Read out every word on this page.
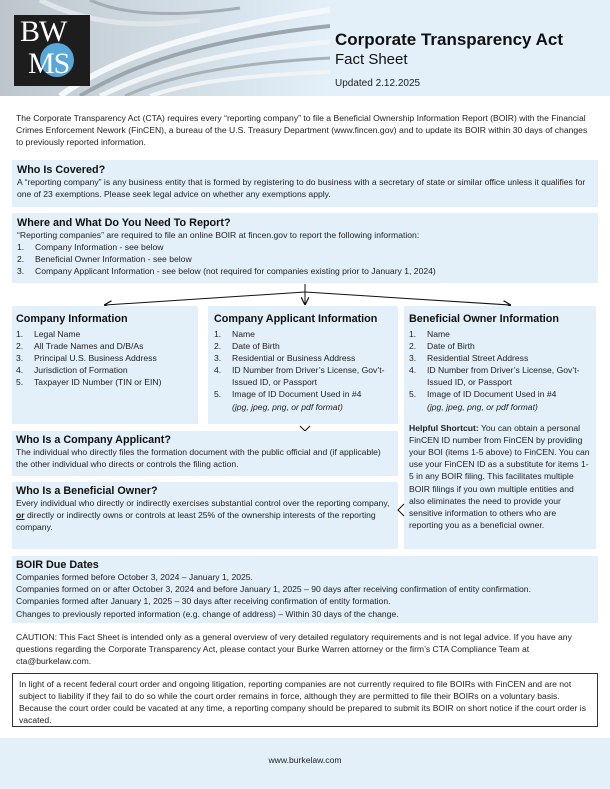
BW
MS
Corporate Transparency Act
Fact Sheet
Updated 2.12.2025

The Corporate Transparency Act (CTA) requires every “reporting company” to file a Beneficial Ownership Information Report (BOIR) with the Financial Crimes Enforcement Nework (FinCEN), a bureau of the U.S. Treasury Department (www.fincen.gov) and to update its BOIR within 30 days of changes to previously reported information.

Who Is Covered?

A “reporting company” is any business entity that is formed by registering to do business with a secretary of state or similar office unless it qualifies for one of 23 exemptions. Please seek legal advice on whether any exemptions apply.

Where and What Do You Need To Report?

“Reporting companies” are required to file an online BOIR at fincen.gov to report the following information:

1. Company Information - see below
2. Beneficial Owner Information - see below
3. Company Applicant Information - see below (not required for companies existing prior to January 1, 2024)
Company Information
1. Legal Name
2. All Trade Names and D/B/As
3. Principal U.S. Business Address
4. Jurisdiction of Formation
5. Taxpayer ID Number (TIN or EIN)
Company Applicant Information
1. Name
2. Date of Birth
3. Residential or Business Address
4. ID Number from Driver’s License, Gov’t-Issued ID, or Passport
5. Image of ID Document Used in #4
(jpg, jpeg, png, or pdf format)
Beneficial Owner Information
1. Name
2. Date of Birth
3. Residential Street Address
4. ID Number from Driver’s License, Gov’t-Issued ID, or Passport
5. Image of ID Document Used in #4
(jpg, jpeg, png, or pdf format)

Helpful Shortcut: You can obtain a personal FinCEN ID number from FinCEN by providing your BOI (items 1-5 above) to FinCEN. You can use your FinCEN ID as a substitute for items 1-5 in any BOIR filing. This facilitates multiple BOIR filings if you own multiple entities and also eliminates the need to provide your sensitive information to others who are reporting you as a beneficial owner.

Who Is a Company Applicant?

The individual who directly files the formation document with the public official and (if applicable) the other individual who directs or controls the filing action.

Who Is a Beneficial Owner?

Every individual who directly or indirectly exercises substantial control over the reporting company, or directly or indirectly owns or controls at least 25% of the ownership interests of the reporting company.

BOIR Due Dates

Companies formed before October 3, 2024 – January 1, 2025.

Companies formed on or after October 3, 2024 and before January 1, 2025 – 90 days after receiving confirmation of entity confirmation.

Companies formed after January 1, 2025 – 30 days after receiving confirmation of entity formation.

Changes to previously reported information (e.g. change of address) – Within 30 days of the change.

CAUTION: This Fact Sheet is intended only as a general overview of very detailed regulatory requirements and is not legal advice. If you have any questions regarding the Corporate Transparency Act, please contact your Burke Warren attorney or the firm’s CTA Compliance Team at cta@burkelaw.com.

In light of a recent federal court order and ongoing litigation, reporting companies are not currently required to file BOIRs with FinCEN and are not subject to liability if they fail to do so while the court order remains in force, although they are permitted to file their BOIRs on a voluntary basis. Because the court order could be vacated at any time, a reporting company should be prepared to submit its BOIR on short notice if the court order is vacated.
www.burkelaw.com
